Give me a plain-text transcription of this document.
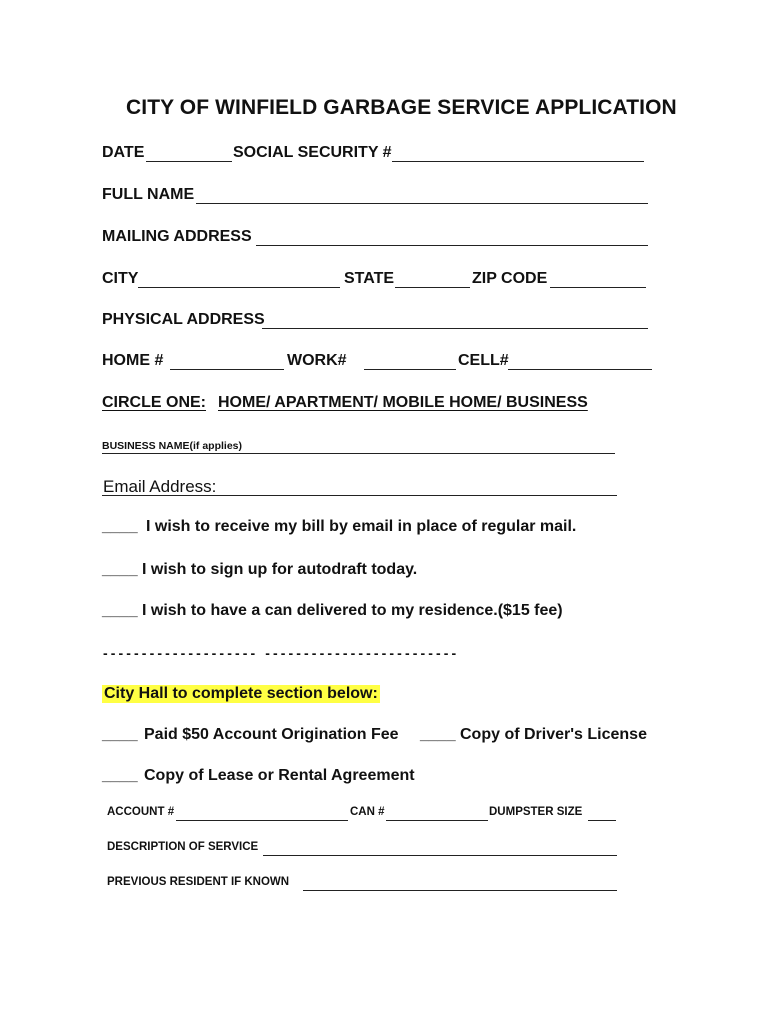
CITY OF WINFIELD GARBAGE SERVICE APPLICATION
DATE	SOCIAL SECURITY #
FULL NAME
MAILING ADDRESS
CITY	STATE	ZIP CODE
PHYSICAL ADDRESS
HOME #	WORK#	CELL#
CIRCLE ONE: HOME/ APARTMENT/ MOBILE HOME/ BUSINESS
BUSINESS NAME(if applies)
Email Address:
____ I wish to receive my bill by email in place of regular mail.
____ I wish to sign up for autodraft today.
____ I wish to have a can delivered to my residence.($15 fee)
-------------------- -------------------------
City Hall to complete section below:
____ Paid $50 Account Origination Fee ____ Copy of Driver's License
____ Copy of Lease or Rental Agreement
ACCOUNT #	CAN #	DUMPSTER SIZE
DESCRIPTION OF SERVICE
PREVIOUS RESIDENT IF KNOWN
